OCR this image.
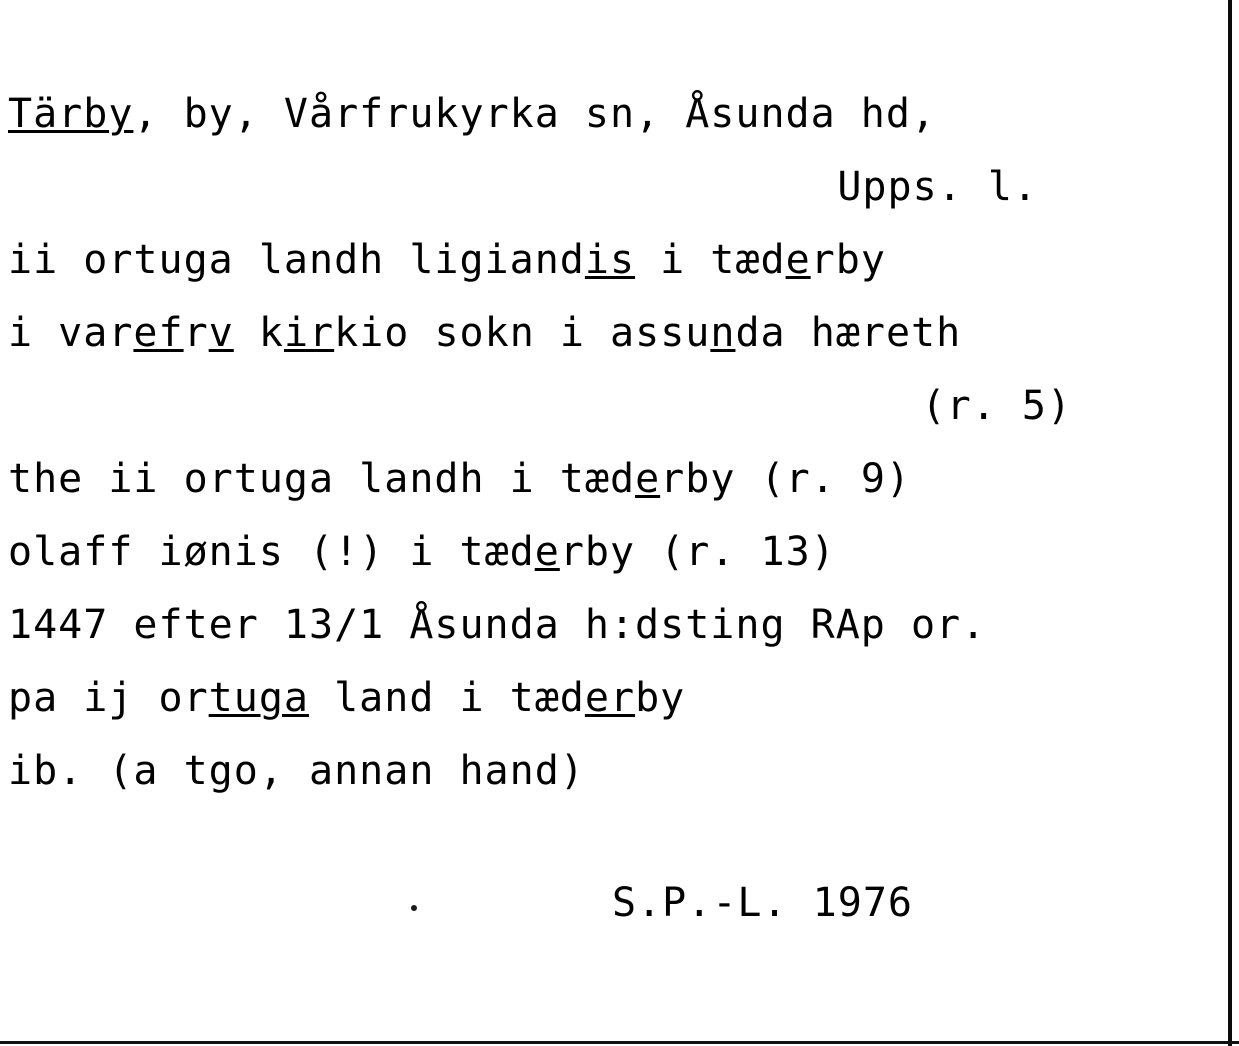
Tärby, by, Vårfrukyrka sn, Åsunda hd,
Upps. l.
ii ortuga landh ligiandis i tæderby
i varefrv kirkio sokn i assunda hæreth
(r. 5)
the ii ortuga landh i tæderby (r. 9)
olaff iønis (!) i tæderby (r. 13)
1447 efter 13/1 Åsunda h:dsting RAp or.
pa ij ortuga land i tæderby
ib. (a tgo, annan hand)
S.P.-L. 1976
